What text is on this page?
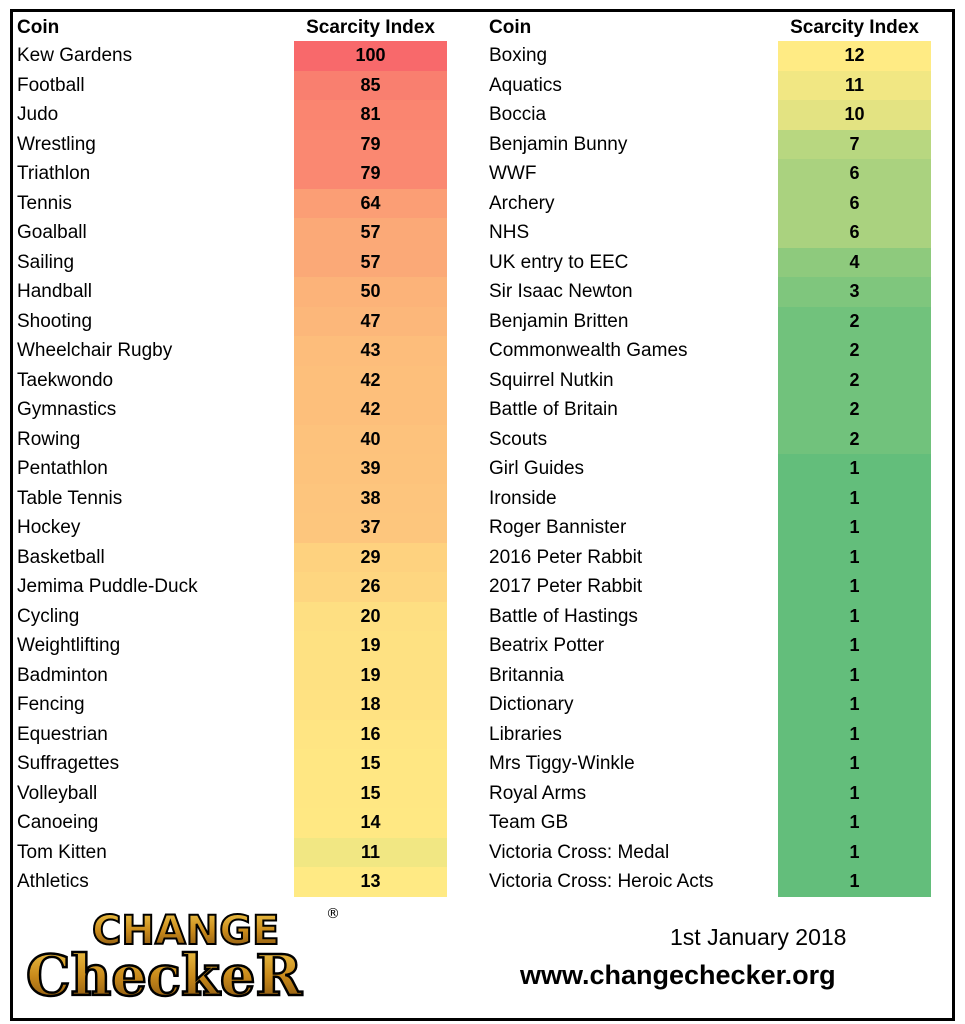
Coin	Scarcity Index
Kew Gardens	100
Football	85
Judo	81
Wrestling	79
Triathlon	79
Tennis	64
Goalball	57
Sailing	57
Handball	50
Shooting	47
Wheelchair Rugby	43
Taekwondo	42
Gymnastics	42
Rowing	40
Pentathlon	39
Table Tennis	38
Hockey	37
Basketball	29
Jemima Puddle-Duck	26
Cycling	20
Weightlifting	19
Badminton	19
Fencing	18
Equestrian	16
Suffragettes	15
Volleyball	15
Canoeing	14
Tom Kitten	11
Athletics	13
Coin	Scarcity Index
Boxing	12
Aquatics	11
Boccia	10
Benjamin Bunny	7
WWF	6
Archery	6
NHS	6
UK entry to EEC	4
Sir Isaac Newton	3
Benjamin Britten	2
Commonwealth Games	2
Squirrel Nutkin	2
Battle of Britain	2
Scouts	2
Girl Guides	1
Ironside	1
Roger Bannister	1
2016 Peter Rabbit	1
2017 Peter Rabbit	1
Battle of Hastings	1
Beatrix Potter	1
Britannia	1
Dictionary	1
Libraries	1
Mrs Tiggy-Winkle	1
Royal Arms	1
Team GB	1
Victoria Cross: Medal	1
Victoria Cross: Heroic Acts	1
CHANGE
CheckeR
®
1st January 2018
www.changechecker.org
